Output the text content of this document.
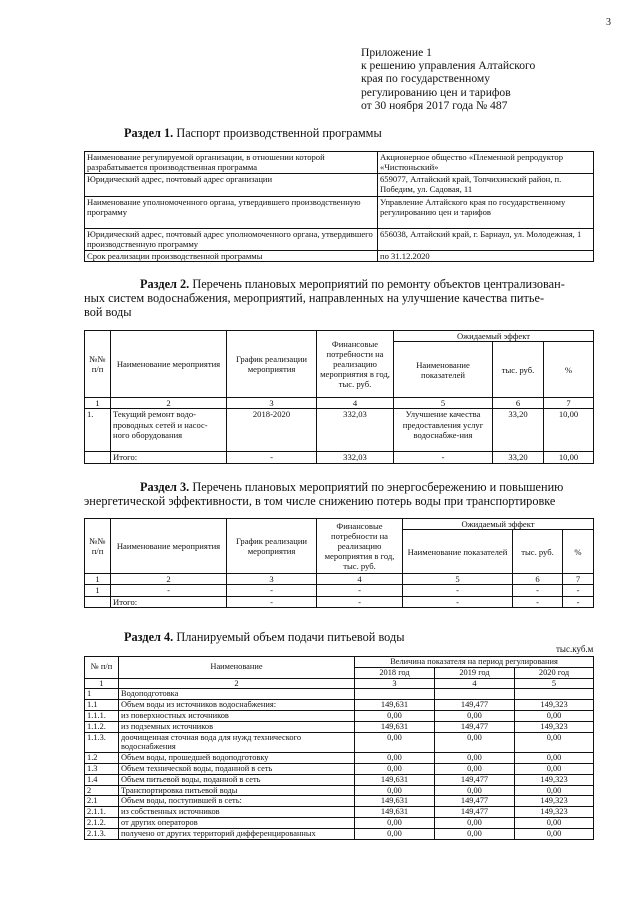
3
Приложение 1
к решению управления Алтайского
края по государственному
регулированию цен и тарифов
от 30 ноября 2017 года № 487
Раздел 1. Паспорт производственной программы
Наименование регулируемой организации, в отношении которой разрабатывается производственная программа	Акционерное общество «Племенной репродуктор «Чистюньский»
Юридический адрес, почтовый адрес организации	659077, Алтайский край, Топчихинский район, п. Победим, ул. Садовая, 11
Наименование уполномоченного органа, утвердившего производственную программу	Управление Алтайского края по государственному регулированию цен и тарифов
Юридический адрес, почтовый адрес уполномоченного органа, утвердившего производственную программу	656038, Алтайский край, г. Барнаул, ул. Молодежная, 1
Срок реализации производственной программы	по 31.12.2020
Раздел 2. Перечень плановых мероприятий по ремонту объектов централизован-
ных систем водоснабжения, мероприятий, направленных на улучшение качества питье-
вой воды
№№ п/п	Наименование мероприятия	График реализации мероприятия	Финансовые потребности на реализацию мероприятия в год, тыс. руб.	Ожидаемый эффект		
				Наименование показателей	тыс. руб.	%
1	2	3	4	5	6	7
1.	Текущий ремонт водо-проводных сетей и насос-ного оборудования	2018-2020	332,03	Улучшение качества предоставления услуг водоснабже-ния	33,20	10,00
	Итого:	-	332,03	-	33,20	10,00
Раздел 3. Перечень плановых мероприятий по энергосбережению и повышению
энергетической эффективности, в том числе снижению потерь воды при транспортировке
№№ п/п	Наименование мероприятия	График реализации мероприятия	Финансовые потребности на реализацию мероприятия в год, тыс. руб.	Ожидаемый эффект		
				Наименование показателей	тыс. руб.	%
1	2	3	4	5	6	7
1	-	-	-	-	-	-
	Итого:	-	-	-	-	-
Раздел 4. Планируемый объем подачи питьевой воды
тыс.куб.м
№ п/п	Наименование	Величина показателя на период регулирования		
		2018 год	2019 год	2020 год
1	2	3	4	5
1	Водоподготовка			
1.1	Объем воды из источников водоснабжения:	149,631	149,477	149,323
1.1.1.	из поверхностных источников	0,00	0,00	0,00
1.1.2.	из подземных источников	149,631	149,477	149,323
1.1.3.	доочищенная сточная вода для нужд технического водоснабжения	0,00	0,00	0,00
1.2	Объем воды, прошедшей водоподготовку	0,00	0,00	0,00
1.3	Объем технической воды, поданной в сеть	0,00	0,00	0,00
1.4	Объем питьевой воды, поданной в сеть	149,631	149,477	149,323
2	Транспортировка питьевой воды	0,00	0,00	0,00
2.1	Объем воды, поступившей в сеть:	149,631	149,477	149,323
2.1.1.	из собственных источников	149,631	149,477	149,323
2.1.2.	от других операторов	0,00	0,00	0,00
2.1.3.	получено от других территорий дифференцированных	0,00	0,00	0,00
